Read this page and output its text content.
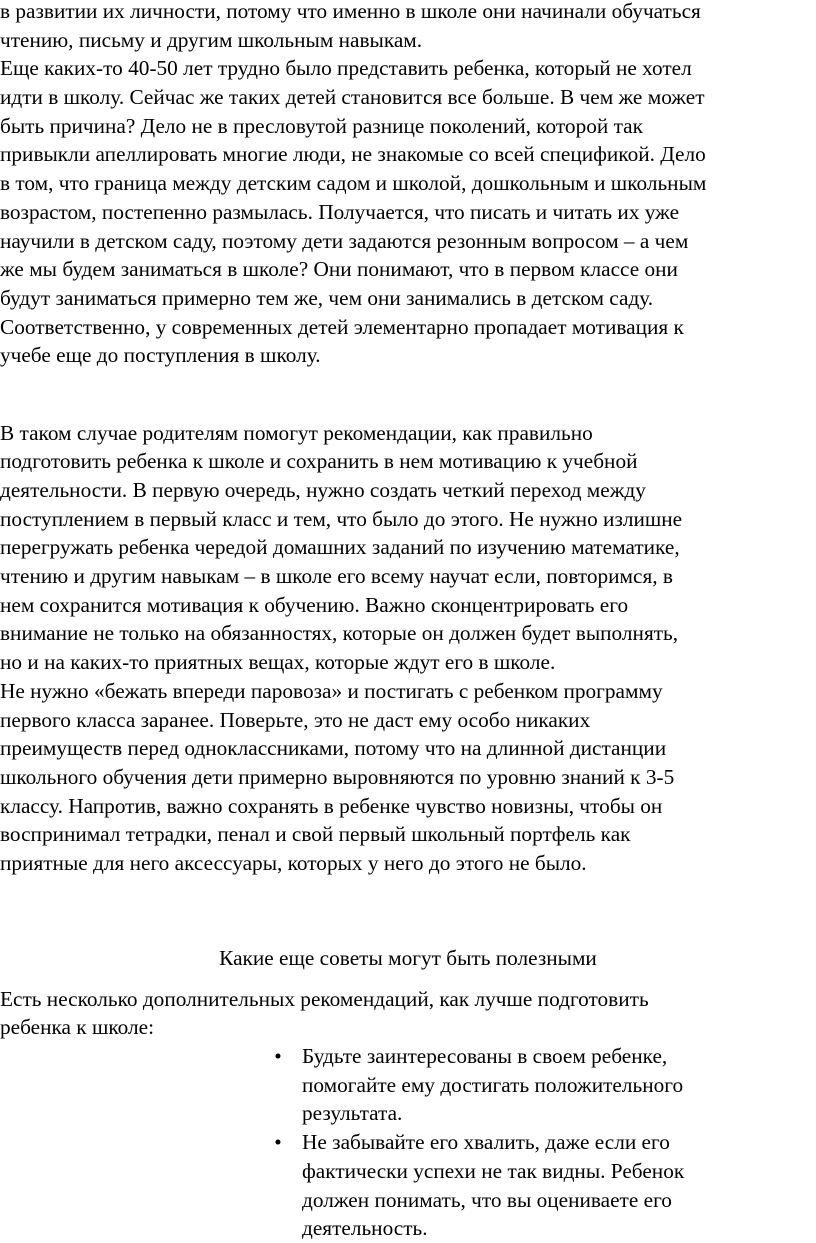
в развитии их личности, потому что именно в школе они начинали обучаться
чтению, письму и другим школьным навыкам.
Еще каких-то 40-50 лет трудно было представить ребенка, который не хотел
идти в школу. Сейчас же таких детей становится все больше. В чем же может
быть причина? Дело не в пресловутой разнице поколений, которой так
привыкли апеллировать многие люди, не знакомые со всей спецификой. Дело
в том, что граница между детским садом и школой, дошкольным и школьным
возрастом, постепенно размылась. Получается, что писать и читать их уже
научили в детском саду, поэтому дети задаются резонным вопросом – а чем
же мы будем заниматься в школе? Они понимают, что в первом классе они
будут заниматься примерно тем же, чем они занимались в детском саду.
Соответственно, у современных детей элементарно пропадает мотивация к
учебе еще до поступления в школу.
В таком случае родителям помогут рекомендации, как правильно
подготовить ребенка к школе и сохранить в нем мотивацию к учебной
деятельности. В первую очередь, нужно создать четкий переход между
поступлением в первый класс и тем, что было до этого. Не нужно излишне
перегружать ребенка чередой домашних заданий по изучению математике,
чтению и другим навыкам – в школе его всему научат если, повторимся, в
нем сохранится мотивация к обучению. Важно сконцентрировать его
внимание не только на обязанностях, которые он должен будет выполнять,
но и на каких-то приятных вещах, которые ждут его в школе.
Не нужно «бежать впереди паровоза» и постигать с ребенком программу
первого класса заранее. Поверьте, это не даст ему особо никаких
преимуществ перед одноклассниками, потому что на длинной дистанции
школьного обучения дети примерно выровняются по уровню знаний к 3-5
классу. Напротив, важно сохранять в ребенке чувство новизны, чтобы он
воспринимал тетрадки, пенал и свой первый школьный портфель как
приятные для него аксессуары, которых у него до этого не было.
Какие еще советы могут быть полезными
Есть несколько дополнительных рекомендаций, как лучше подготовить
ребенка к школе:
• Будьте заинтересованы в своем ребенке,
помогайте ему достигать положительного
результата.
• Не забывайте его хвалить, даже если его
фактически успехи не так видны. Ребенок
должен понимать, что вы оцениваете его
деятельность.
